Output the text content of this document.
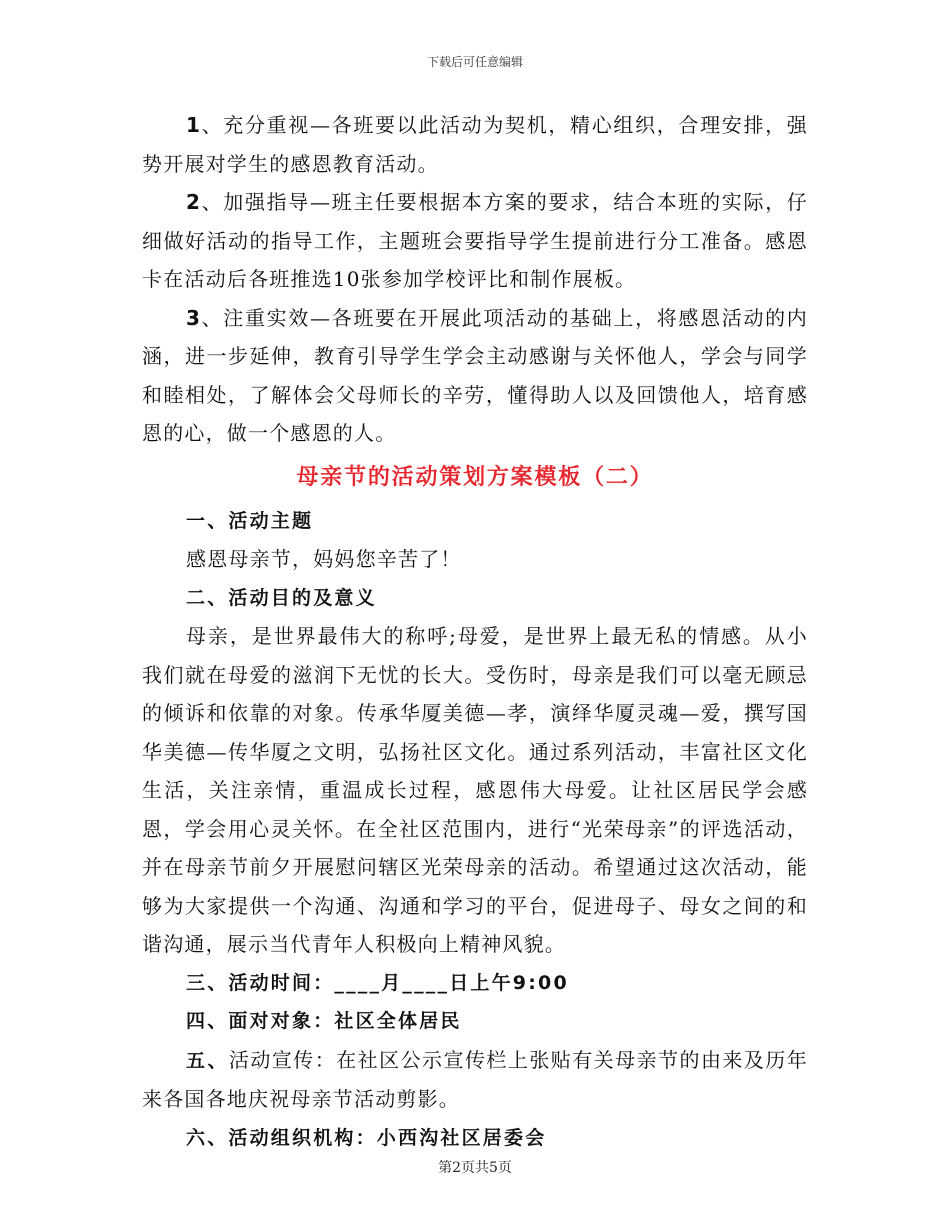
下载后可任意编辑

1、充分重视—各班要以此活动为契机，精心组织，合理安排，强势开展对学生的感恩教育活动。

2、加强指导—班主任要根据本方案的要求，结合本班的实际，仔细做好活动的指导工作，主题班会要指导学生提前进行分工准备。感恩卡在活动后各班推选10张参加学校评比和制作展板。

3、注重实效—各班要在开展此项活动的基础上，将感恩活动的内涵，进一步延伸，教育引导学生学会主动感谢与关怀他人，学会与同学和睦相处，了解体会父母师长的辛劳，懂得助人以及回馈他人，培育感恩的心，做一个感恩的人。

母亲节的活动策划方案模板（二）

一、活动主题

感恩母亲节，妈妈您辛苦了！

二、活动目的及意义

母亲，是世界最伟大的称呼;母爱，是世界上最无私的情感。从小我们就在母爱的滋润下无忧的长大。受伤时，母亲是我们可以毫无顾忌的倾诉和依靠的对象。传承华厦美德—孝，演绎华厦灵魂—爱，撰写国华美德—传华厦之文明，弘扬社区文化。通过系列活动，丰富社区文化生活，关注亲情，重温成长过程，感恩伟大母爱。让社区居民学会感恩，学会用心灵关怀。在全社区范围内，进行“光荣母亲”的评选活动，并在母亲节前夕开展慰问辖区光荣母亲的活动。希望通过这次活动，能够为大家提供一个沟通、沟通和学习的平台，促进母子、母女之间的和谐沟通，展示当代青年人积极向上精神风貌。

三、活动时间：____月____日上午9:00

四、面对对象：社区全体居民

五、活动宣传：在社区公示宣传栏上张贴有关母亲节的由来及历年来各国各地庆祝母亲节活动剪影。

六、活动组织机构：小西沟社区居委会

第2页共5页
